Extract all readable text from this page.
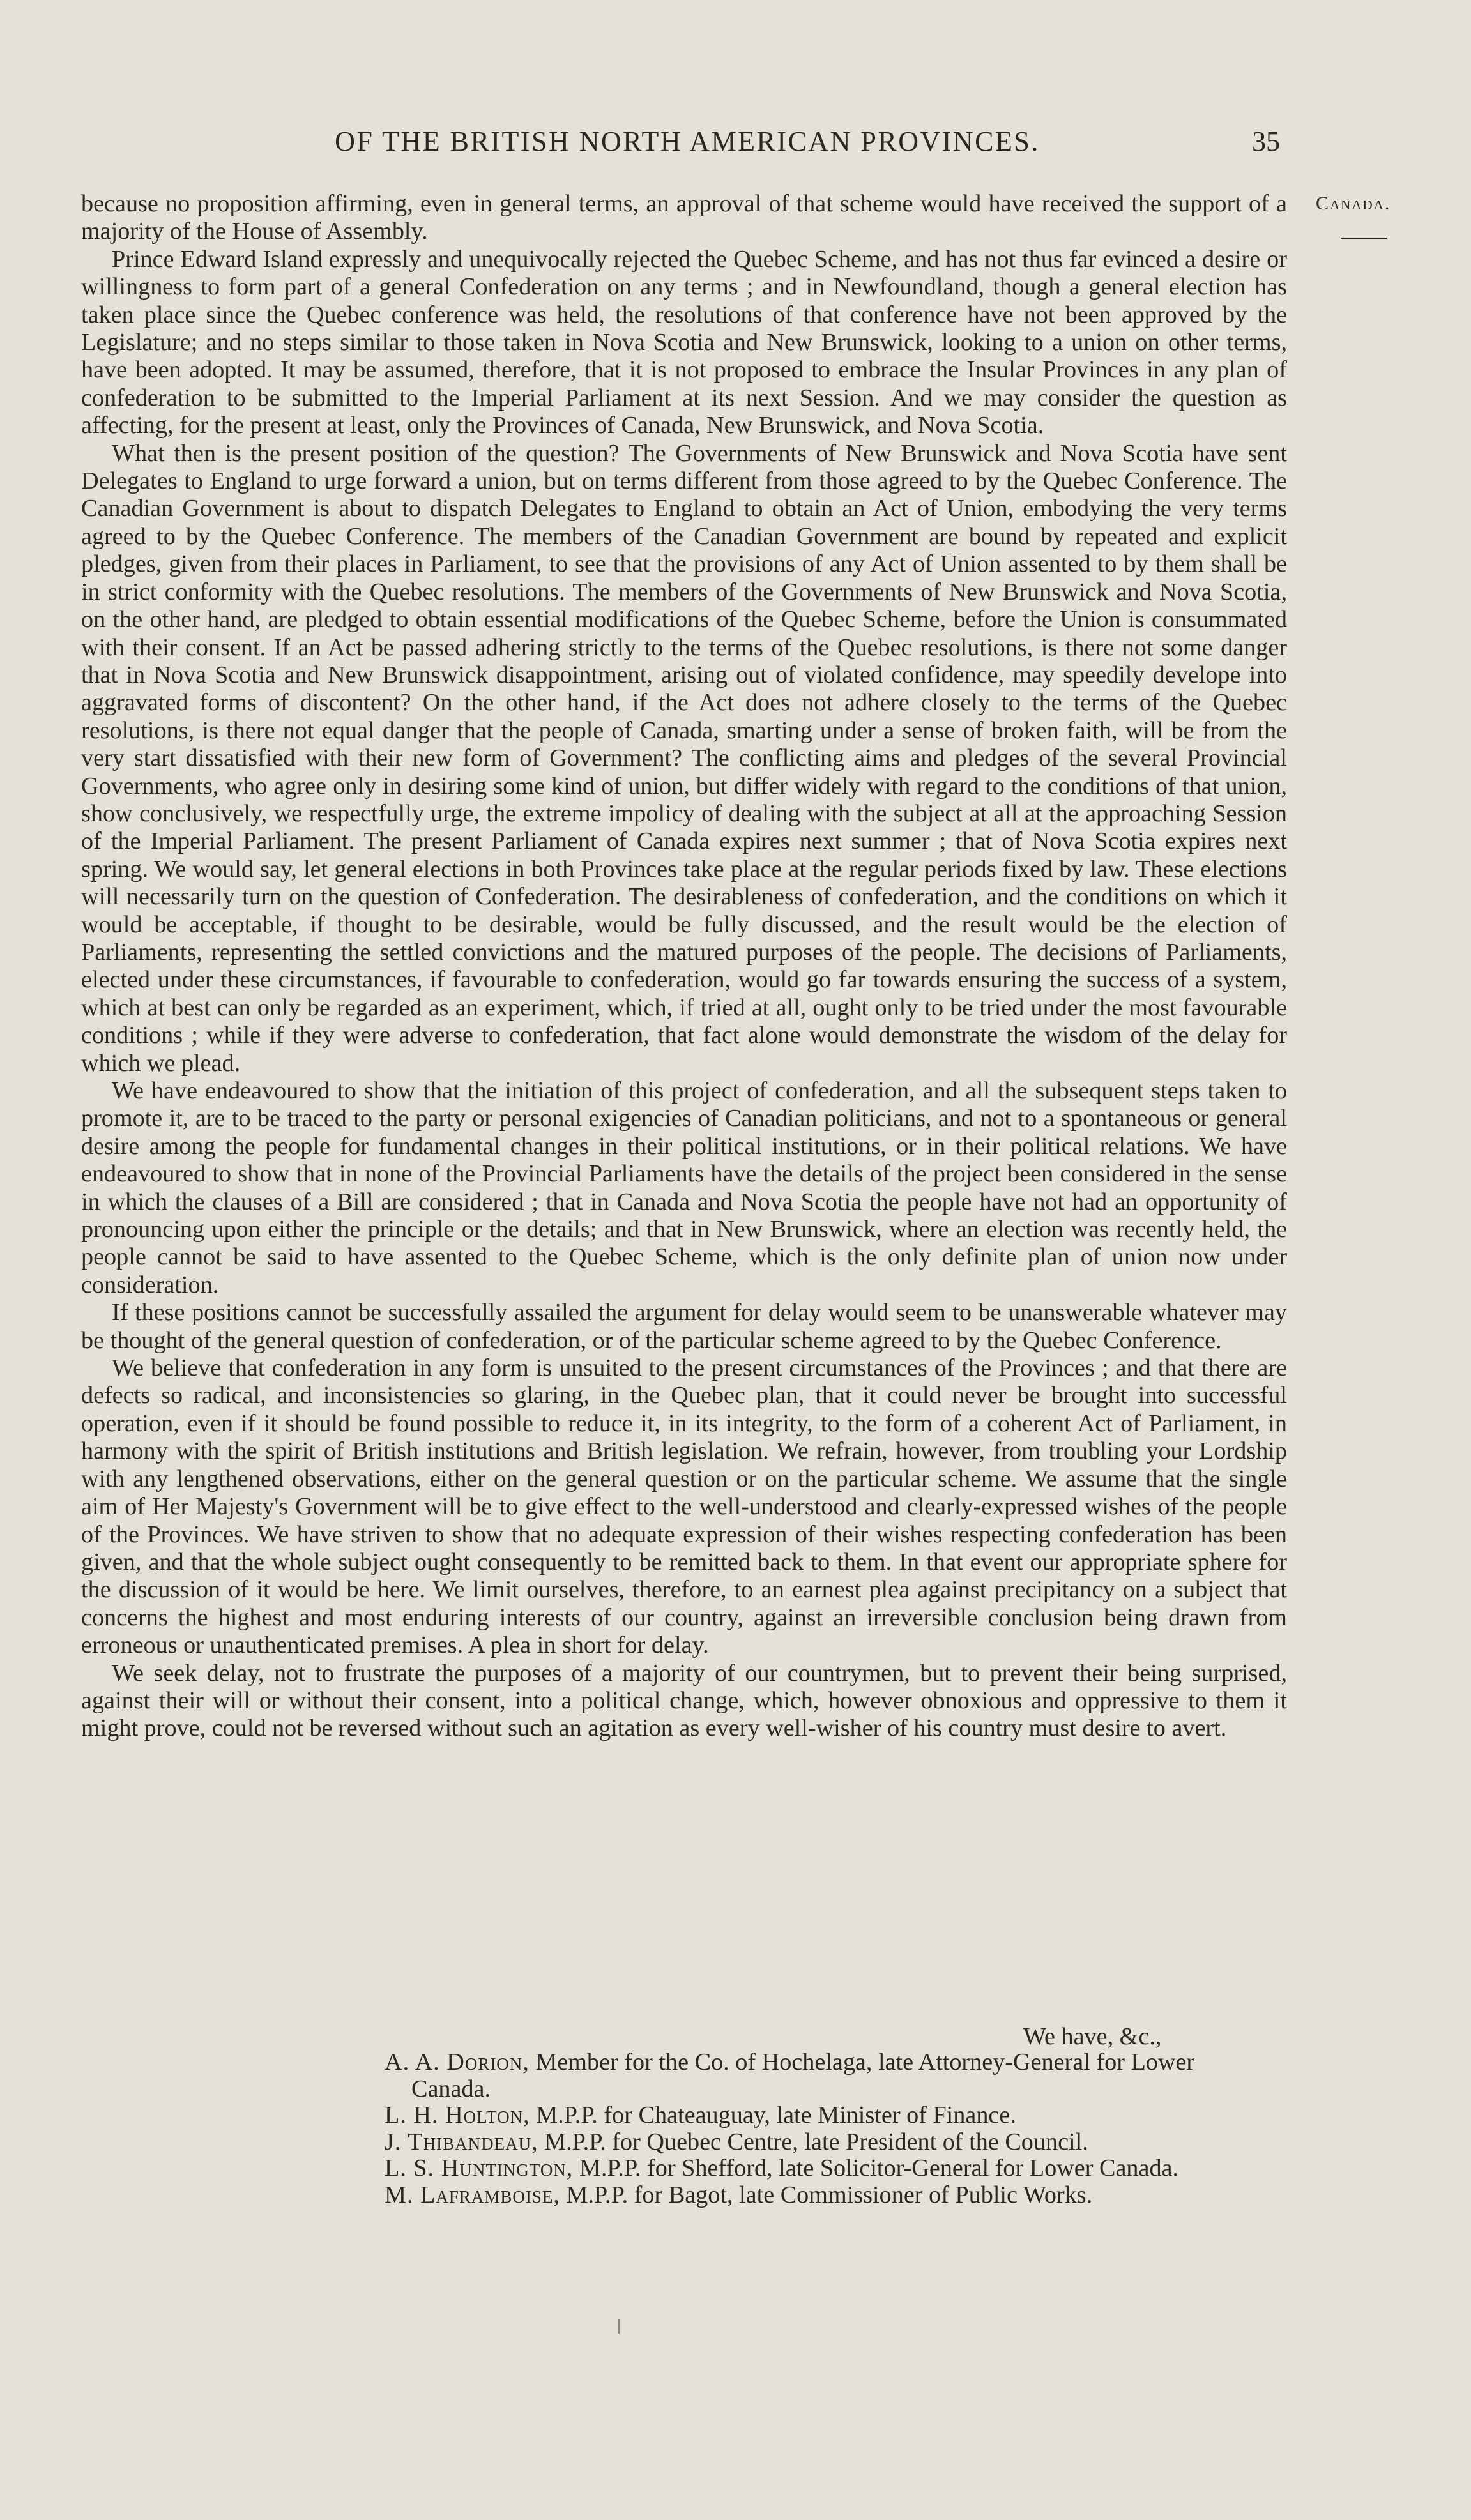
OF THE BRITISH NORTH AMERICAN PROVINCES.	35
Canada.

because no proposition affirming, even in general terms, an approval of that scheme would have received the support of a majority of the House of Assembly.

Prince Edward Island expressly and unequivocally rejected the Quebec Scheme, and has not thus far evinced a desire or willingness to form part of a general Confederation on any terms ; and in Newfoundland, though a general election has taken place since the Quebec conference was held, the resolutions of that conference have not been approved by the Legislature; and no steps similar to those taken in Nova Scotia and New Brunswick, looking to a union on other terms, have been adopted. It may be assumed, therefore, that it is not proposed to embrace the Insular Provinces in any plan of confederation to be submitted to the Imperial Parliament at its next Session. And we may consider the question as affecting, for the present at least, only the Provinces of Canada, New Brunswick, and Nova Scotia.

What then is the present position of the question? The Governments of New Brunswick and Nova Scotia have sent Delegates to England to urge forward a union, but on terms different from those agreed to by the Quebec Conference. The Canadian Government is about to dispatch Delegates to England to obtain an Act of Union, embodying the very terms agreed to by the Quebec Conference. The members of the Canadian Government are bound by repeated and explicit pledges, given from their places in Parliament, to see that the provisions of any Act of Union assented to by them shall be in strict conformity with the Quebec resolutions. The members of the Governments of New Brunswick and Nova Scotia, on the other hand, are pledged to obtain essential modifications of the Quebec Scheme, before the Union is consummated with their consent. If an Act be passed adhering strictly to the terms of the Quebec resolutions, is there not some danger that in Nova Scotia and New Brunswick disappointment, arising out of violated confidence, may speedily develope into aggravated forms of discontent? On the other hand, if the Act does not adhere closely to the terms of the Quebec resolutions, is there not equal danger that the people of Canada, smarting under a sense of broken faith, will be from the very start dissatisfied with their new form of Government? The conflicting aims and pledges of the several Provincial Governments, who agree only in desiring some kind of union, but differ widely with regard to the conditions of that union, show conclusively, we respectfully urge, the extreme impolicy of dealing with the subject at all at the approaching Session of the Imperial Parliament. The present Parliament of Canada expires next summer ; that of Nova Scotia expires next spring. We would say, let general elections in both Provinces take place at the regular periods fixed by law. These elections will necessarily turn on the question of Confederation. The desirableness of confederation, and the conditions on which it would be acceptable, if thought to be desirable, would be fully discussed, and the result would be the election of Parliaments, representing the settled convictions and the matured purposes of the people. The decisions of Parliaments, elected under these circumstances, if favourable to confederation, would go far towards ensuring the success of a system, which at best can only be regarded as an experiment, which, if tried at all, ought only to be tried under the most favourable conditions ; while if they were adverse to confederation, that fact alone would demonstrate the wisdom of the delay for which we plead.

We have endeavoured to show that the initiation of this project of confederation, and all the subsequent steps taken to promote it, are to be traced to the party or personal exigencies of Canadian politicians, and not to a spontaneous or general desire among the people for fundamental changes in their political institutions, or in their political relations. We have endeavoured to show that in none of the Provincial Parliaments have the details of the project been considered in the sense in which the clauses of a Bill are considered ; that in Canada and Nova Scotia the people have not had an opportunity of pronouncing upon either the principle or the details; and that in New Brunswick, where an election was recently held, the people cannot be said to have assented to the Quebec Scheme, which is the only definite plan of union now under consideration.

If these positions cannot be successfully assailed the argument for delay would seem to be unanswerable whatever may be thought of the general question of confederation, or of the particular scheme agreed to by the Quebec Conference.

We believe that confederation in any form is unsuited to the present circumstances of the Provinces ; and that there are defects so radical, and inconsistencies so glaring, in the Quebec plan, that it could never be brought into successful operation, even if it should be found possible to reduce it, in its integrity, to the form of a coherent Act of Parliament, in harmony with the spirit of British institutions and British legislation. We refrain, however, from troubling your Lordship with any lengthened observations, either on the general question or on the particular scheme. We assume that the single aim of Her Majesty's Government will be to give effect to the well-understood and clearly-expressed wishes of the people of the Provinces. We have striven to show that no adequate expression of their wishes respecting confederation has been given, and that the whole subject ought consequently to be remitted back to them. In that event our appropriate sphere for the discussion of it would be here. We limit ourselves, therefore, to an earnest plea against precipitancy on a subject that concerns the highest and most enduring interests of our country, against an irreversible conclusion being drawn from erroneous or unauthenticated premises. A plea in short for delay.

We seek delay, not to frustrate the purposes of a majority of our countrymen, but to prevent their being surprised, against their will or without their consent, into a political change, which, however obnoxious and oppressive to them it might prove, could not be reversed without such an agitation as every well-wisher of his country must desire to avert.

We have, &c.,
A. A. Dorion, Member for the Co. of Hochelaga, late Attorney-General for Lower Canada.
L. H. Holton, M.P.P. for Chateauguay, late Minister of Finance.
J. Thibandeau, M.P.P. for Quebec Centre, late President of the Council.
L. S. Huntington, M.P.P. for Shefford, late Solicitor-General for Lower Canada.
M. Laframboise, M.P.P. for Bagot, late Commissioner of Public Works.
